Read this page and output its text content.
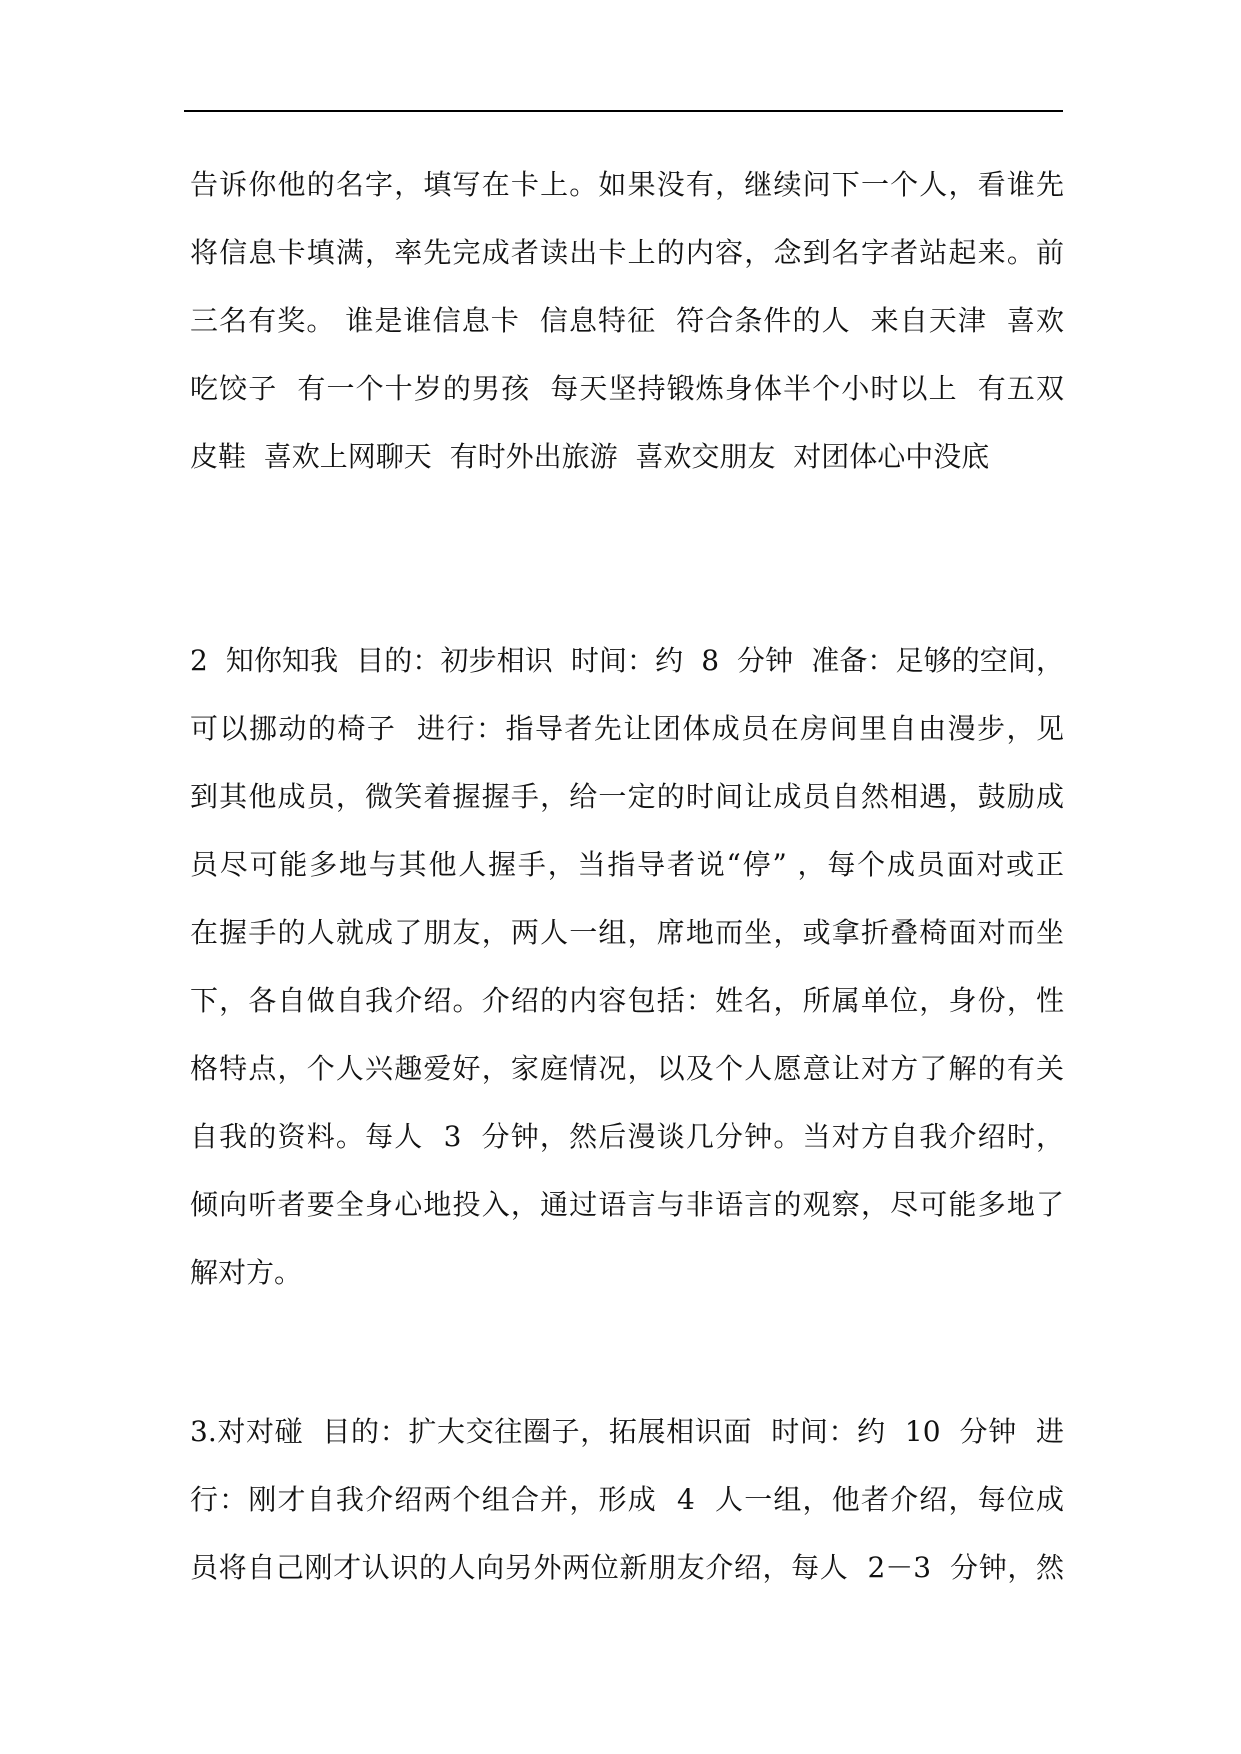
告诉你他的名字，填写在卡上。如果没有，继续问下一个人，看谁先
将信息卡填满，率先完成者读出卡上的内容，念到名字者站起来。前
三名有奖。 谁是谁信息卡  信息特征  符合条件的人  来自天津  喜欢
吃饺子  有一个十岁的男孩  每天坚持锻炼身体半个小时以上  有五双
皮鞋  喜欢上网聊天  有时外出旅游  喜欢交朋友  对团体心中没底
2  知你知我  目的：初步相识  时间：约  8  分钟  准备：足够的空间，
可以挪动的椅子  进行：指导者先让团体成员在房间里自由漫步，见
到其他成员，微笑着握握手，给一定的时间让成员自然相遇，鼓励成
员尽可能多地与其他人握手，当指导者说“停” ，每个成员面对或正
在握手的人就成了朋友，两人一组，席地而坐，或拿折叠椅面对而坐
下，各自做自我介绍。介绍的内容包括：姓名，所属单位，身份，性
格特点，个人兴趣爱好，家庭情况，以及个人愿意让对方了解的有关
自我的资料。每人  3  分钟，然后漫谈几分钟。当对方自我介绍时，
倾向听者要全身心地投入，通过语言与非语言的观察，尽可能多地了
解对方。
3.对对碰  目的：扩大交往圈子，拓展相识面  时间：约  10  分钟  进
行：刚才自我介绍两个组合并，形成  4  人一组，他者介绍，每位成
员将自己刚才认识的人向另外两位新朋友介绍，每人  2－3  分钟，然
